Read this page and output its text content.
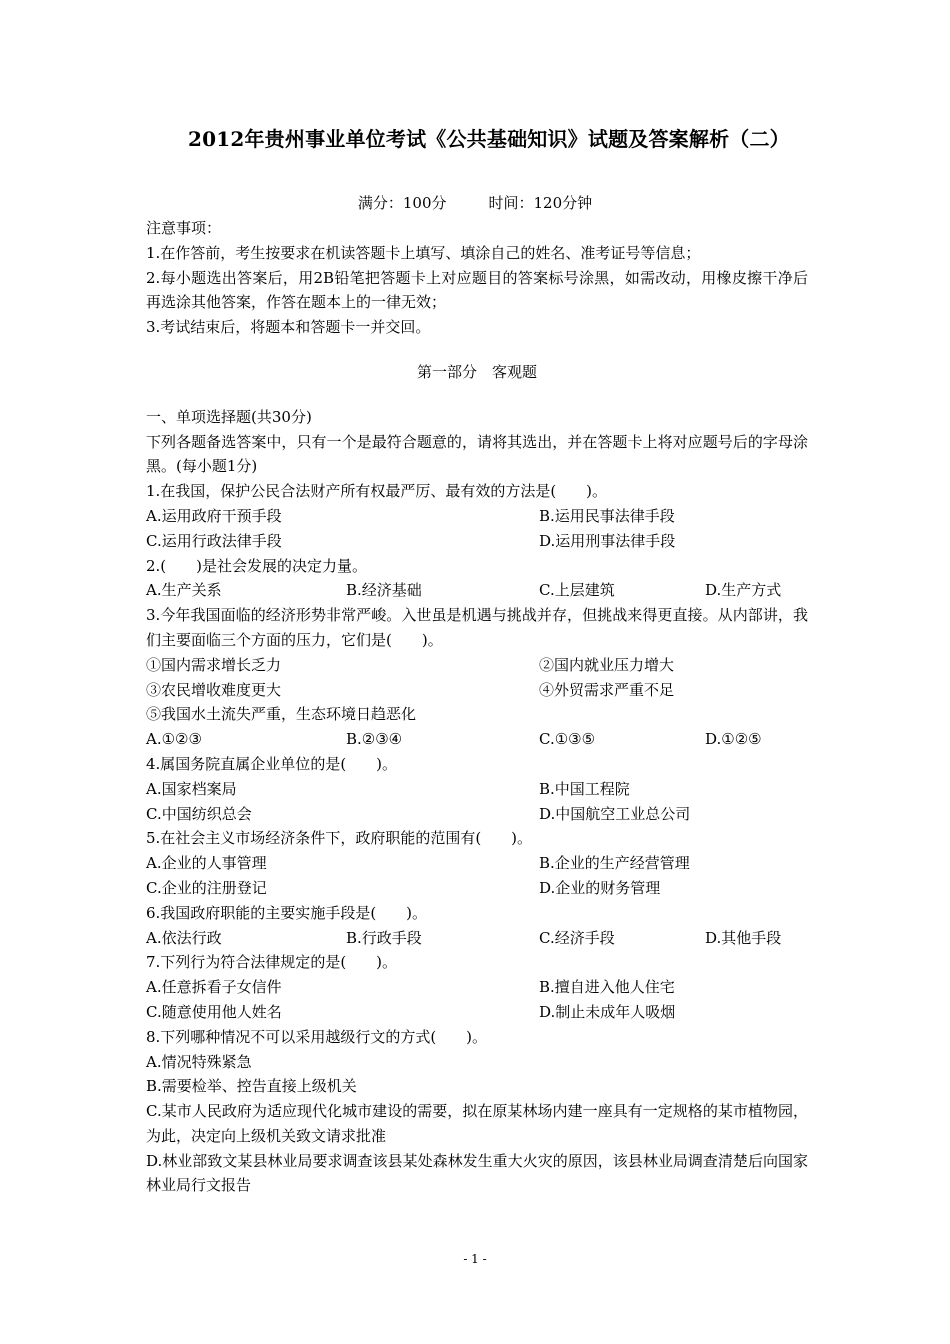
2012年贵州事业单位考试《公共基础知识》试题及答案解析（二）
满分：100分	时间：120分钟
注意事项：
1.在作答前，考生按要求在机读答题卡上填写、填涂自己的姓名、准考证号等信息；
2.每小题选出答案后，用2B铅笔把答题卡上对应题目的答案标号涂黑，如需改动，用橡皮擦干净后再选涂其他答案，作答在题本上的一律无效；
3.考试结束后，将题本和答题卡一并交回。
第一部分　客观题
一、单项选择题(共30分)
下列各题备选答案中，只有一个是最符合题意的，请将其选出，并在答题卡上将对应题号后的字母涂黑。(每小题1分)
1.在我国，保护公民合法财产所有权最严厉、最有效的方法是(　　)。
A.运用政府干预手段	B.运用民事法律手段
C.运用行政法律手段	D.运用刑事法律手段
2.(　　)是社会发展的决定力量。
A.生产关系	B.经济基础	C.上层建筑	D.生产方式
3.今年我国面临的经济形势非常严峻。入世虽是机遇与挑战并存，但挑战来得更直接。从内部讲，我们主要面临三个方面的压力，它们是(　　)。
①国内需求增长乏力	②国内就业压力增大
③农民增收难度更大	④外贸需求严重不足
⑤我国水土流失严重，生态环境日趋恶化
A.①②③	B.②③④	C.①③⑤	D.①②⑤
4.属国务院直属企业单位的是(　　)。
A.国家档案局	B.中国工程院
C.中国纺织总会	D.中国航空工业总公司
5.在社会主义市场经济条件下，政府职能的范围有(　　)。
A.企业的人事管理	B.企业的生产经营管理
C.企业的注册登记	D.企业的财务管理
6.我国政府职能的主要实施手段是(　　)。
A.依法行政	B.行政手段	C.经济手段	D.其他手段
7.下列行为符合法律规定的是(　　)。
A.任意拆看子女信件	B.擅自进入他人住宅
C.随意使用他人姓名	D.制止未成年人吸烟
8.下列哪种情况不可以采用越级行文的方式(　　)。
A.情况特殊紧急
B.需要检举、控告直接上级机关
C.某市人民政府为适应现代化城市建设的需要，拟在原某林场内建一座具有一定规格的某市植物园，为此，决定向上级机关致文请求批准
D.林业部致文某县林业局要求调查该县某处森林发生重大火灾的原因，该县林业局调查清楚后向国家林业局行文报告
- 1 -
